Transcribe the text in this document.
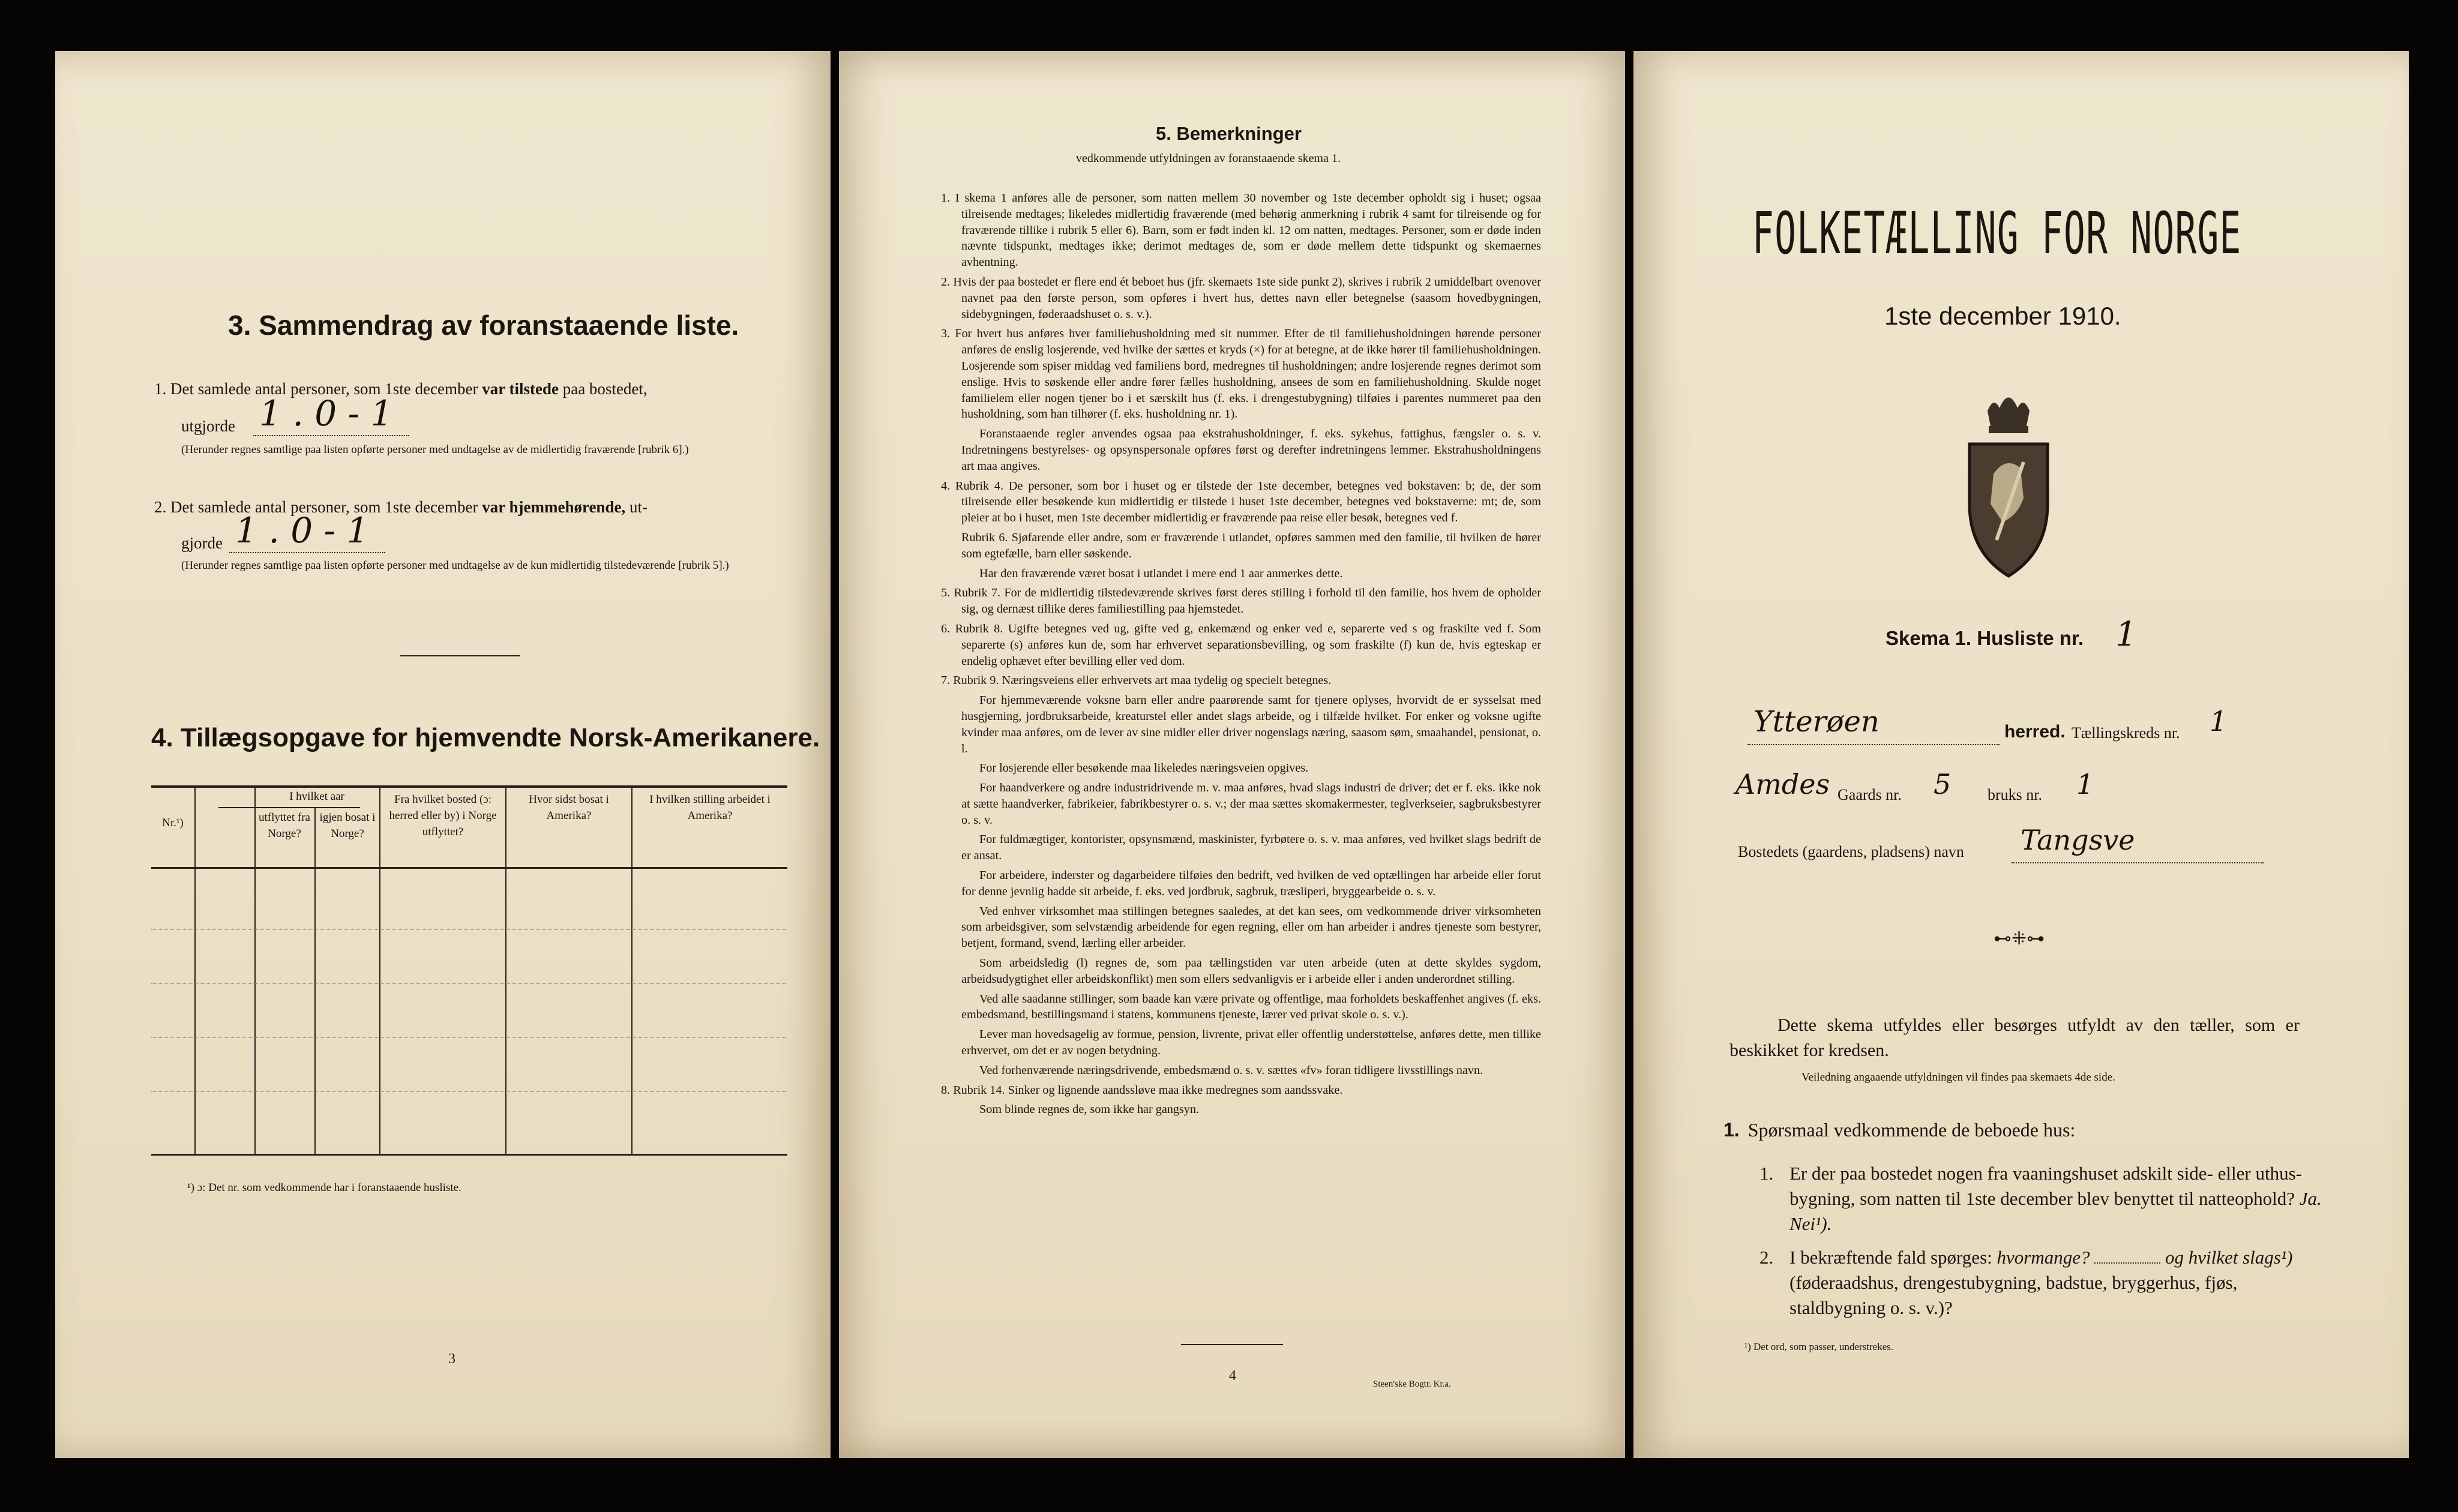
3. Sammendrag av foranstaaende liste.
1. Det samlede antal personer, som 1ste december var tilstede paa bostedet,
utgjorde 1 . 0 - 1
(Herunder regnes samtlige paa listen opførte personer med undtagelse av de midlertidig fraværende [rubrik 6].)
2. Det samlede antal personer, som 1ste december var hjemmehørende, ut-
gjorde 1 . 0 - 1
(Herunder regnes samtlige paa listen opførte personer med undtagelse av de kun midlertidig tilstedeværende [rubrik 5].)
4. Tillægsopgave for hjemvendte Norsk-Amerikanere.
Nr.¹)
I hvilket aar
utflyttet fra Norge?
igjen bosat i Norge?
Fra hvilket bosted (ɔ: herred eller by) i Norge utflyttet?
Hvor sidst bosat i Amerika?
I hvilken stilling arbeidet i Amerika?
¹) ɔ: Det nr. som vedkommende har i foranstaaende husliste.
3
5. Bemerkninger
vedkommende utfyldningen av foranstaaende skema 1.

1. I skema 1 anføres alle de personer, som natten mellem 30 november og 1ste december opholdt sig i huset; ogsaa tilreisende medtages; likeledes midlertidig fraværende (med behørig anmerkning i rubrik 4 samt for tilreisende og for fraværende tillike i rubrik 5 eller 6). Barn, som er født inden kl. 12 om natten, medtages. Personer, som er døde inden nævnte tidspunkt, medtages ikke; derimot medtages de, som er døde mellem dette tidspunkt og skemaernes avhentning.

2. Hvis der paa bostedet er flere end ét beboet hus (jfr. skemaets 1ste side punkt 2), skrives i rubrik 2 umiddelbart ovenover navnet paa den første person, som opføres i hvert hus, dettes navn eller betegnelse (saasom hovedbygningen, sidebygningen, føderaadshuset o. s. v.).

3. For hvert hus anføres hver familiehusholdning med sit nummer. Efter de til familiehusholdningen hørende personer anføres de enslig losjerende, ved hvilke der sættes et kryds (×) for at betegne, at de ikke hører til familiehusholdningen. Losjerende som spiser middag ved familiens bord, medregnes til husholdningen; andre losjerende regnes derimot som enslige. Hvis to søskende eller andre fører fælles husholdning, ansees de som en familiehusholdning. Skulde noget familielem eller nogen tjener bo i et særskilt hus (f. eks. i drengestubygning) tilføies i parentes nummeret paa den husholdning, som han tilhører (f. eks. husholdning nr. 1).

Foranstaaende regler anvendes ogsaa paa ekstrahusholdninger, f. eks. sykehus, fattighus, fængsler o. s. v. Indretningens bestyrelses- og opsynspersonale opføres først og derefter indretningens lemmer. Ekstrahusholdningens art maa angives.

4. Rubrik 4. De personer, som bor i huset og er tilstede der 1ste december, betegnes ved bokstaven: b; de, der som tilreisende eller besøkende kun midlertidig er tilstede i huset 1ste december, betegnes ved bokstaverne: mt; de, som pleier at bo i huset, men 1ste december midlertidig er fraværende paa reise eller besøk, betegnes ved f.

Rubrik 6. Sjøfarende eller andre, som er fraværende i utlandet, opføres sammen med den familie, til hvilken de hører som egtefælle, barn eller søskende.

Har den fraværende været bosat i utlandet i mere end 1 aar anmerkes dette.

5. Rubrik 7. For de midlertidig tilstedeværende skrives først deres stilling i forhold til den familie, hos hvem de opholder sig, og dernæst tillike deres familiestilling paa hjemstedet.

6. Rubrik 8. Ugifte betegnes ved ug, gifte ved g, enkemænd og enker ved e, separerte ved s og fraskilte ved f. Som separerte (s) anføres kun de, som har erhvervet separationsbevilling, og som fraskilte (f) kun de, hvis egteskap er endelig ophævet efter bevilling eller ved dom.

7. Rubrik 9. Næringsveiens eller erhvervets art maa tydelig og specielt betegnes.

For hjemmeværende voksne barn eller andre paarørende samt for tjenere oplyses, hvorvidt de er sysselsat med husgjerning, jordbruksarbeide, kreaturstel eller andet slags arbeide, og i tilfælde hvilket. For enker og voksne ugifte kvinder maa anføres, om de lever av sine midler eller driver nogenslags næring, saasom søm, smaahandel, pensionat, o. l.

For losjerende eller besøkende maa likeledes næringsveien opgives.

For haandverkere og andre industridrivende m. v. maa anføres, hvad slags industri de driver; det er f. eks. ikke nok at sætte haandverker, fabrikeier, fabrikbestyrer o. s. v.; der maa sættes skomakermester, teglverkseier, sagbruksbestyrer o. s. v.

For fuldmægtiger, kontorister, opsynsmænd, maskinister, fyrbøtere o. s. v. maa anføres, ved hvilket slags bedrift de er ansat.

For arbeidere, inderster og dagarbeidere tilføies den bedrift, ved hvilken de ved optællingen har arbeide eller forut for denne jevnlig hadde sit arbeide, f. eks. ved jordbruk, sagbruk, træsliperi, bryggearbeide o. s. v.

Ved enhver virksomhet maa stillingen betegnes saaledes, at det kan sees, om vedkommende driver virksomheten som arbeidsgiver, som selvstændig arbeidende for egen regning, eller om han arbeider i andres tjeneste som bestyrer, betjent, formand, svend, lærling eller arbeider.

Som arbeidsledig (l) regnes de, som paa tællingstiden var uten arbeide (uten at dette skyldes sygdom, arbeidsudygtighet eller arbeidskonflikt) men som ellers sedvanligvis er i arbeide eller i anden underordnet stilling.

Ved alle saadanne stillinger, som baade kan være private og offentlige, maa forholdets beskaffenhet angives (f. eks. embedsmand, bestillingsmand i statens, kommunens tjeneste, lærer ved privat skole o. s. v.).

Lever man hovedsagelig av formue, pension, livrente, privat eller offentlig understøttelse, anføres dette, men tillike erhvervet, om det er av nogen betydning.

Ved forhenværende næringsdrivende, embedsmænd o. s. v. sættes «fv» foran tidligere livsstillings navn.

8. Rubrik 14. Sinker og lignende aandssløve maa ikke medregnes som aandssvake.

Som blinde regnes de, som ikke har gangsyn.

4
Steen'ske Bogtr. Kr.a.
FOLKETÆLLING FOR NORGE
1ste december 1910.
Skema 1. Husliste nr. 1
Ytterøen	herred. Tællingskreds nr. 1
Amdes Gaards nr. 5 bruks nr. 1
Bostedets (gaardens, pladsens) navn Tangsve
⊷⁜⊶
Dette skema utfyldes eller besørges utfyldt av den tæller, som er beskikket for kredsen.
Veiledning angaaende utfyldningen vil findes paa skemaets 4de side.
1. Spørsmaal vedkommende de beboede hus:
1. Er der paa bostedet nogen fra vaaningshuset adskilt side- eller uthus-bygning, som natten til 1ste december blev benyttet til natteophold? Ja. Nei¹).
2. I bekræftende fald spørges: hvormange?	og hvilket slags¹) (føderaadshus, drengestubygning, badstue, bryggerhus, fjøs, staldbygning o. s. v.)?
¹) Det ord, som passer, understrekes.
